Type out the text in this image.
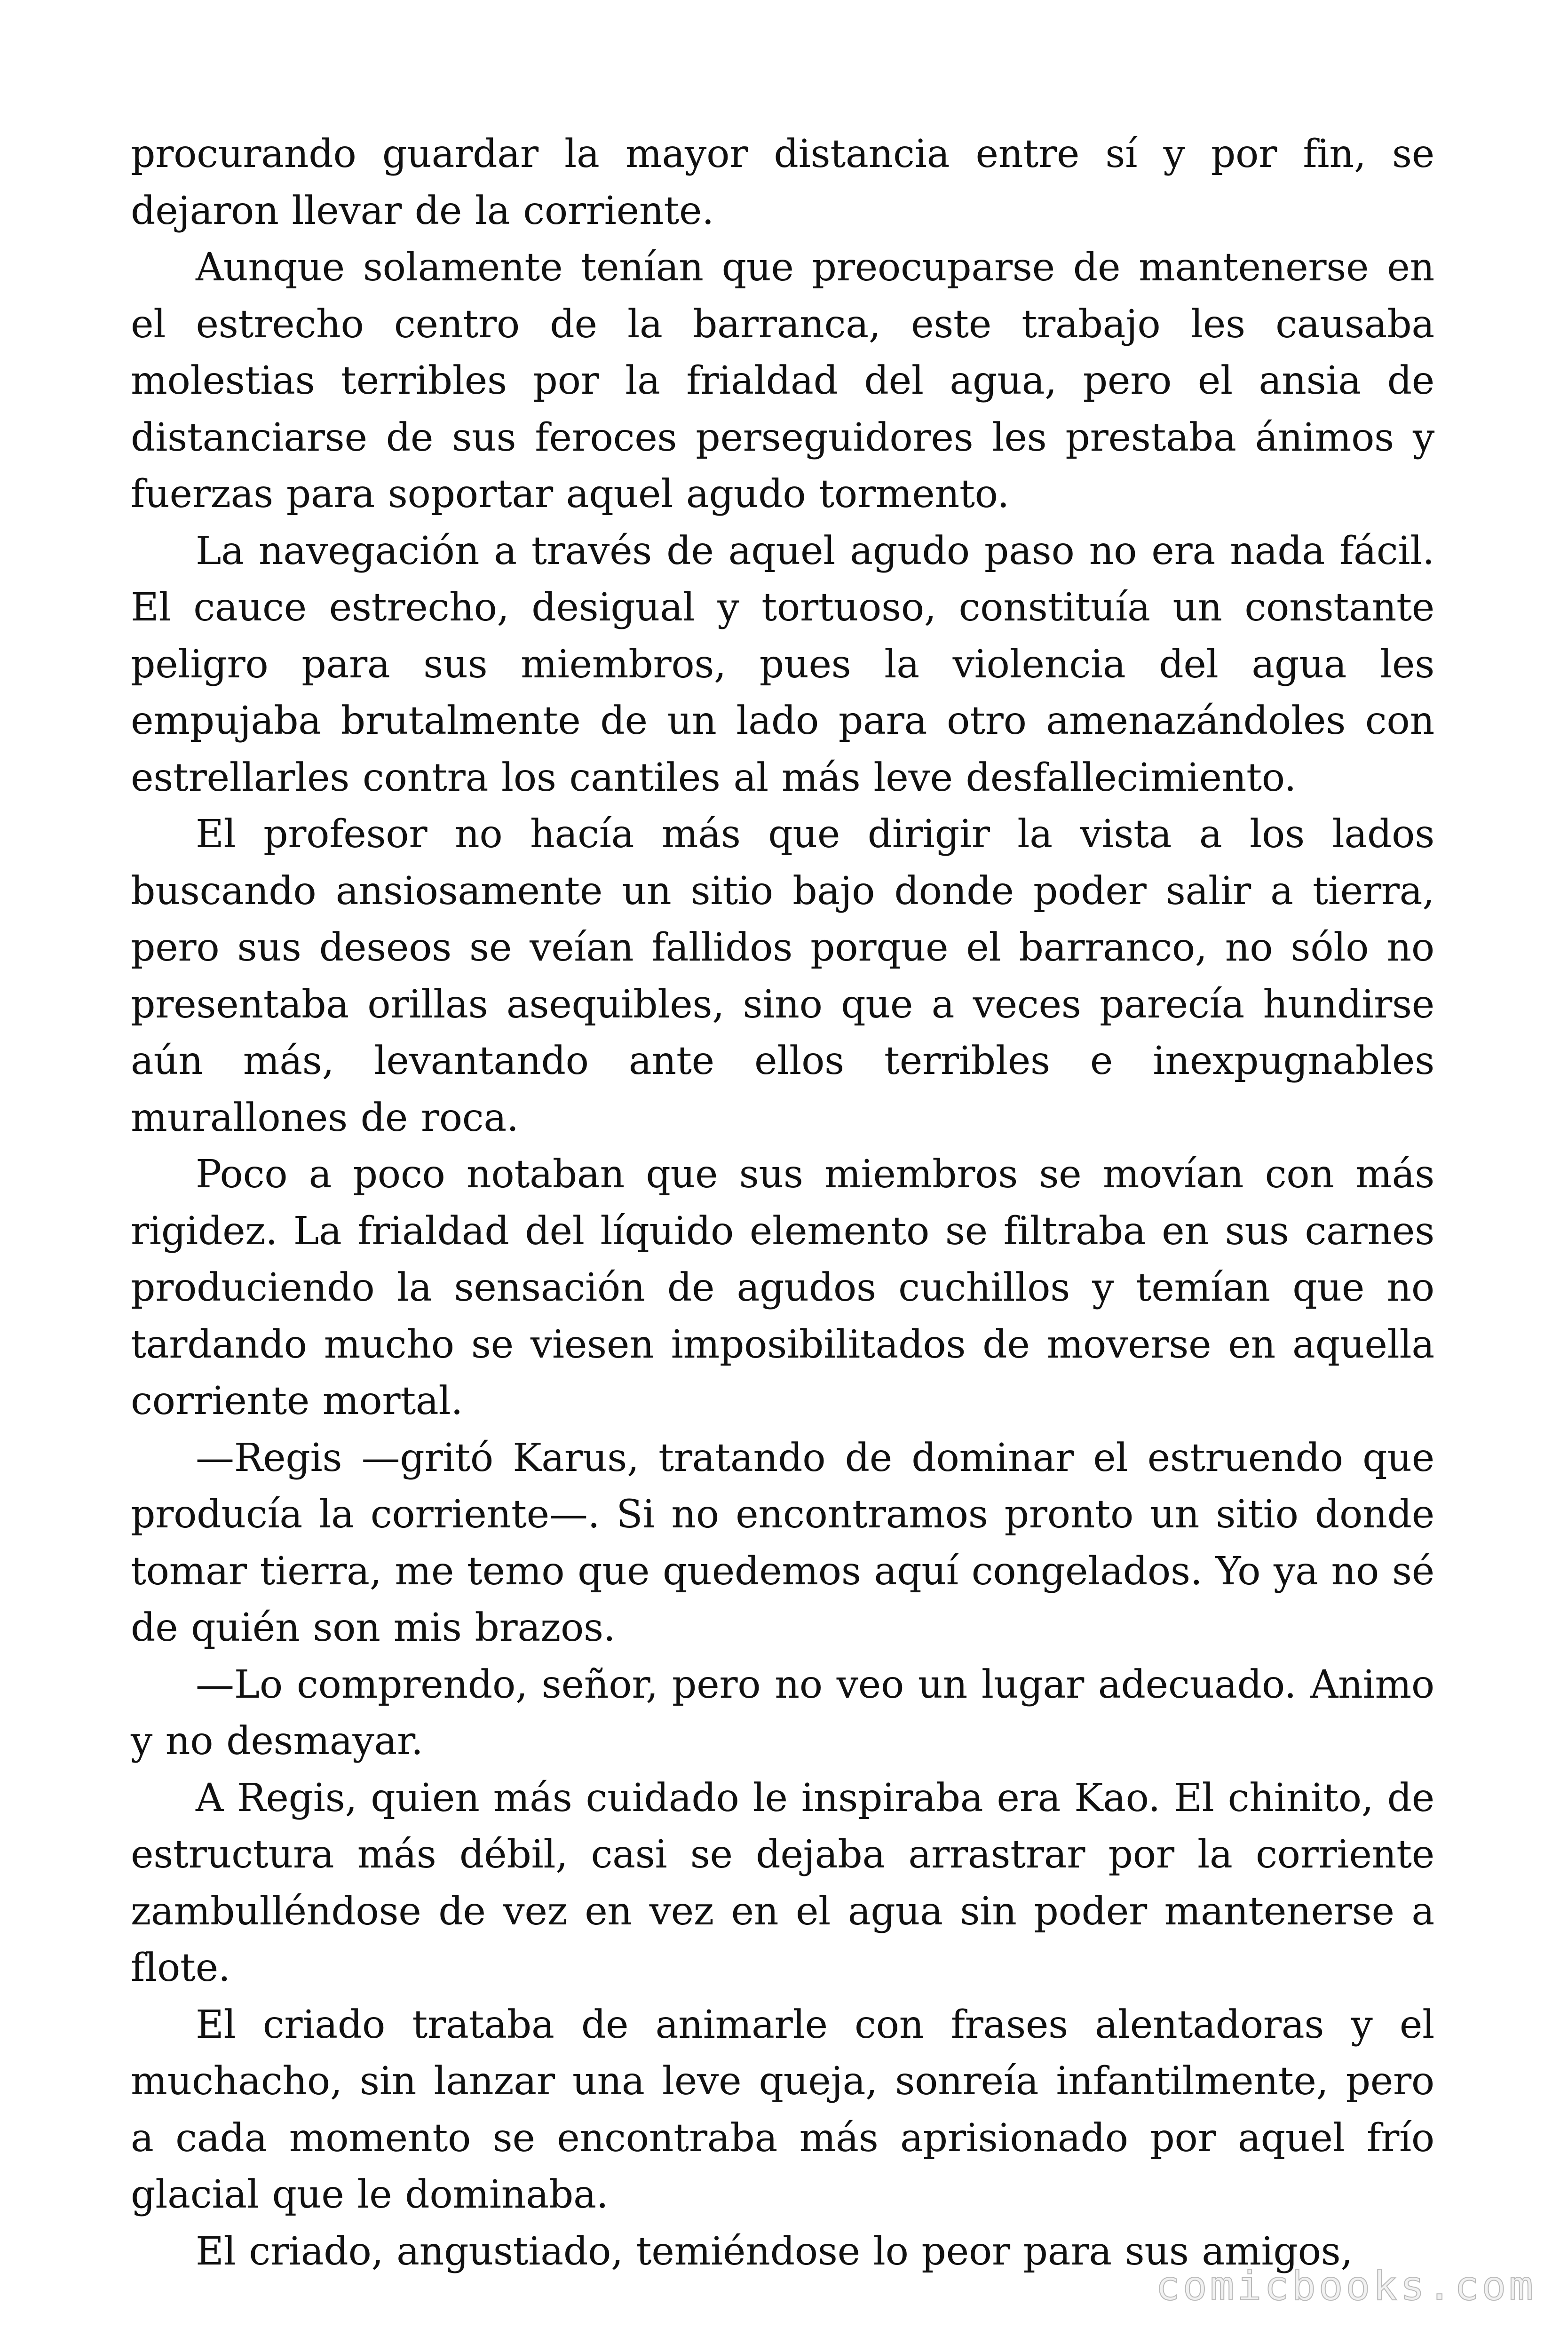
procurando guardar la mayor distancia entre sí y por fin, se dejaron llevar de la corriente.

Aunque solamente tenían que preocuparse de mantenerse en el estrecho centro de la barranca, este trabajo les causaba molestias terribles por la frialdad del agua, pero el ansia de distanciarse de sus feroces perseguidores les prestaba ánimos y fuerzas para soportar aquel agudo tormento.

La navegación a través de aquel agudo paso no era nada fácil. El cauce estrecho, desigual y tortuoso, constituía un constante peligro para sus miembros, pues la violencia del agua les empujaba brutalmente de un lado para otro amenazándoles con estrellarles contra los cantiles al más leve desfallecimiento.

El profesor no hacía más que dirigir la vista a los lados buscando ansiosamente un sitio bajo donde poder salir a tierra, pero sus deseos se veían fallidos porque el barranco, no sólo no presentaba orillas asequibles, sino que a veces parecía hundirse aún más, levantando ante ellos terribles e inexpugnables murallones de roca.

Poco a poco notaban que sus miembros se movían con más rigidez. La frialdad del líquido elemento se filtraba en sus carnes produciendo la sensación de agudos cuchillos y temían que no tardando mucho se viesen imposibilitados de moverse en aquella corriente mortal.

—Regis —gritó Karus, tratando de dominar el estruendo que producía la corriente—. Si no encontramos pronto un sitio donde tomar tierra, me temo que quedemos aquí congelados. Yo ya no sé de quién son mis brazos.

—Lo comprendo, señor, pero no veo un lugar adecuado. Animo y no desmayar.

A Regis, quien más cuidado le inspiraba era Kao. El chinito, de estructura más débil, casi se dejaba arrastrar por la corriente zambulléndose de vez en vez en el agua sin poder mantenerse a flote.

El criado trataba de animarle con frases alentadoras y el muchacho, sin lanzar una leve queja, sonreía infantilmente, pero a cada momento se encontraba más aprisionado por aquel frío glacial que le dominaba.

El criado, angustiado, temiéndose lo peor para sus amigos,

comicbooks.com
